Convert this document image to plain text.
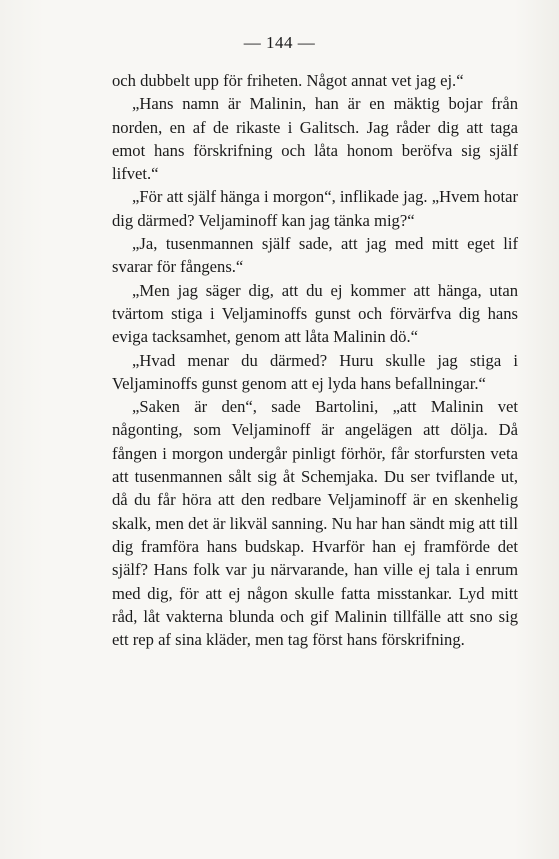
— 144 —

och dubbelt upp för friheten. Något annat vet jag ej.“

„Hans namn är Malinin, han är en mäktig bojar från norden, en af de rikaste i Galitsch. Jag råder dig att taga emot hans förskrifning och låta honom beröfva sig själf lifvet.“

„För att själf hänga i morgon“, inflikade jag. „Hvem hotar dig därmed? Veljaminoff kan jag tänka mig?“

„Ja, tusenmannen själf sade, att jag med mitt eget lif svarar för fångens.“

„Men jag säger dig, att du ej kommer att hänga, utan tvärtom stiga i Veljaminoffs gunst och förvärfva dig hans eviga tacksamhet, genom att låta Malinin dö.“

„Hvad menar du därmed? Huru skulle jag stiga i Veljaminoffs gunst genom att ej lyda hans befallningar.“

„Saken är den“, sade Bartolini, „att Malinin vet någonting, som Veljaminoff är angelägen att dölja. Då fången i morgon undergår pinligt förhör, får storfursten veta att tusenmannen sålt sig åt Schemjaka. Du ser tviflande ut, då du får höra att den redbare Veljaminoff är en skenhelig skalk, men det är likväl sanning. Nu har han sändt mig att till dig framföra hans budskap. Hvarför han ej framförde det själf? Hans folk var ju närvarande, han ville ej tala i enrum med dig, för att ej någon skulle fatta misstankar. Lyd mitt råd, låt vakterna blunda och gif Malinin tillfälle att sno sig ett rep af sina kläder, men tag först hans förskrifning.
